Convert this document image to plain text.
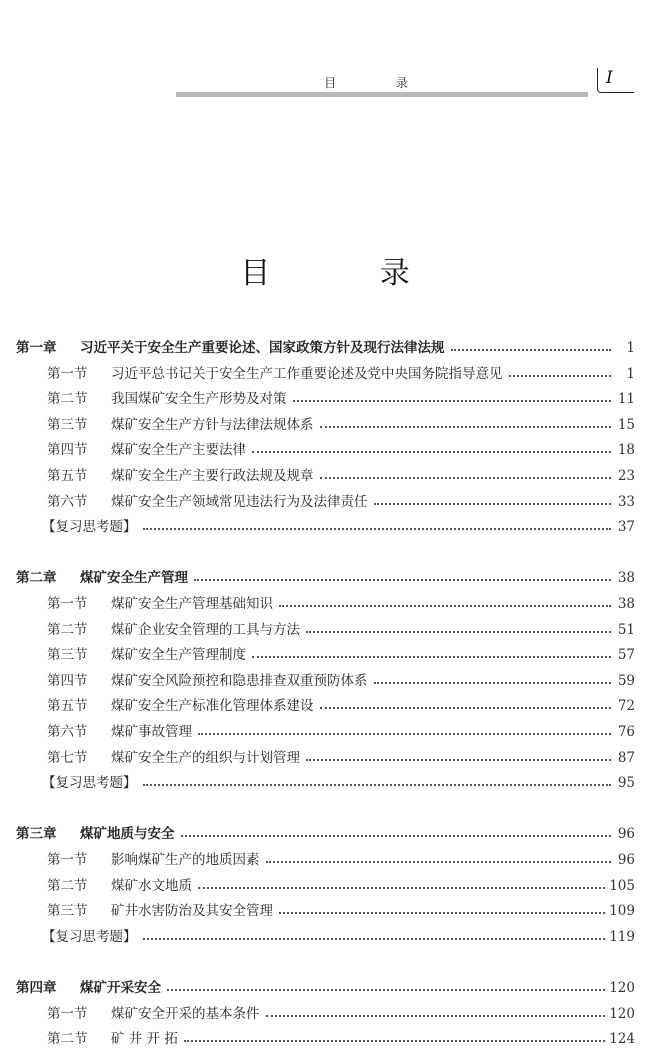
目 录	I
目 录
第一章 习近平关于安全生产重要论述、国家政策方针及现行法律法规	1
第一节 习近平总书记关于安全生产工作重要论述及党中央国务院指导意见	1
第二节 我国煤矿安全生产形势及对策	11
第三节 煤矿安全生产方针与法律法规体系	15
第四节 煤矿安全生产主要法律	18
第五节 煤矿安全生产主要行政法规及规章	23
第六节 煤矿安全生产领域常见违法行为及法律责任	33
【复习思考题】	37
第二章 煤矿安全生产管理	38
第一节 煤矿安全生产管理基础知识	38
第二节 煤矿企业安全管理的工具与方法	51
第三节 煤矿安全生产管理制度	57
第四节 煤矿安全风险预控和隐患排查双重预防体系	59
第五节 煤矿安全生产标准化管理体系建设	72
第六节 煤矿事故管理	76
第七节 煤矿安全生产的组织与计划管理	87
【复习思考题】	95
第三章 煤矿地质与安全	96
第一节 影响煤矿生产的地质因素	96
第二节 煤矿水文地质	105
第三节 矿井水害防治及其安全管理	109
【复习思考题】	119
第四章 煤矿开采安全	120
第一节 煤矿安全开采的基本条件	120
第二节 矿 井 开 拓	124
